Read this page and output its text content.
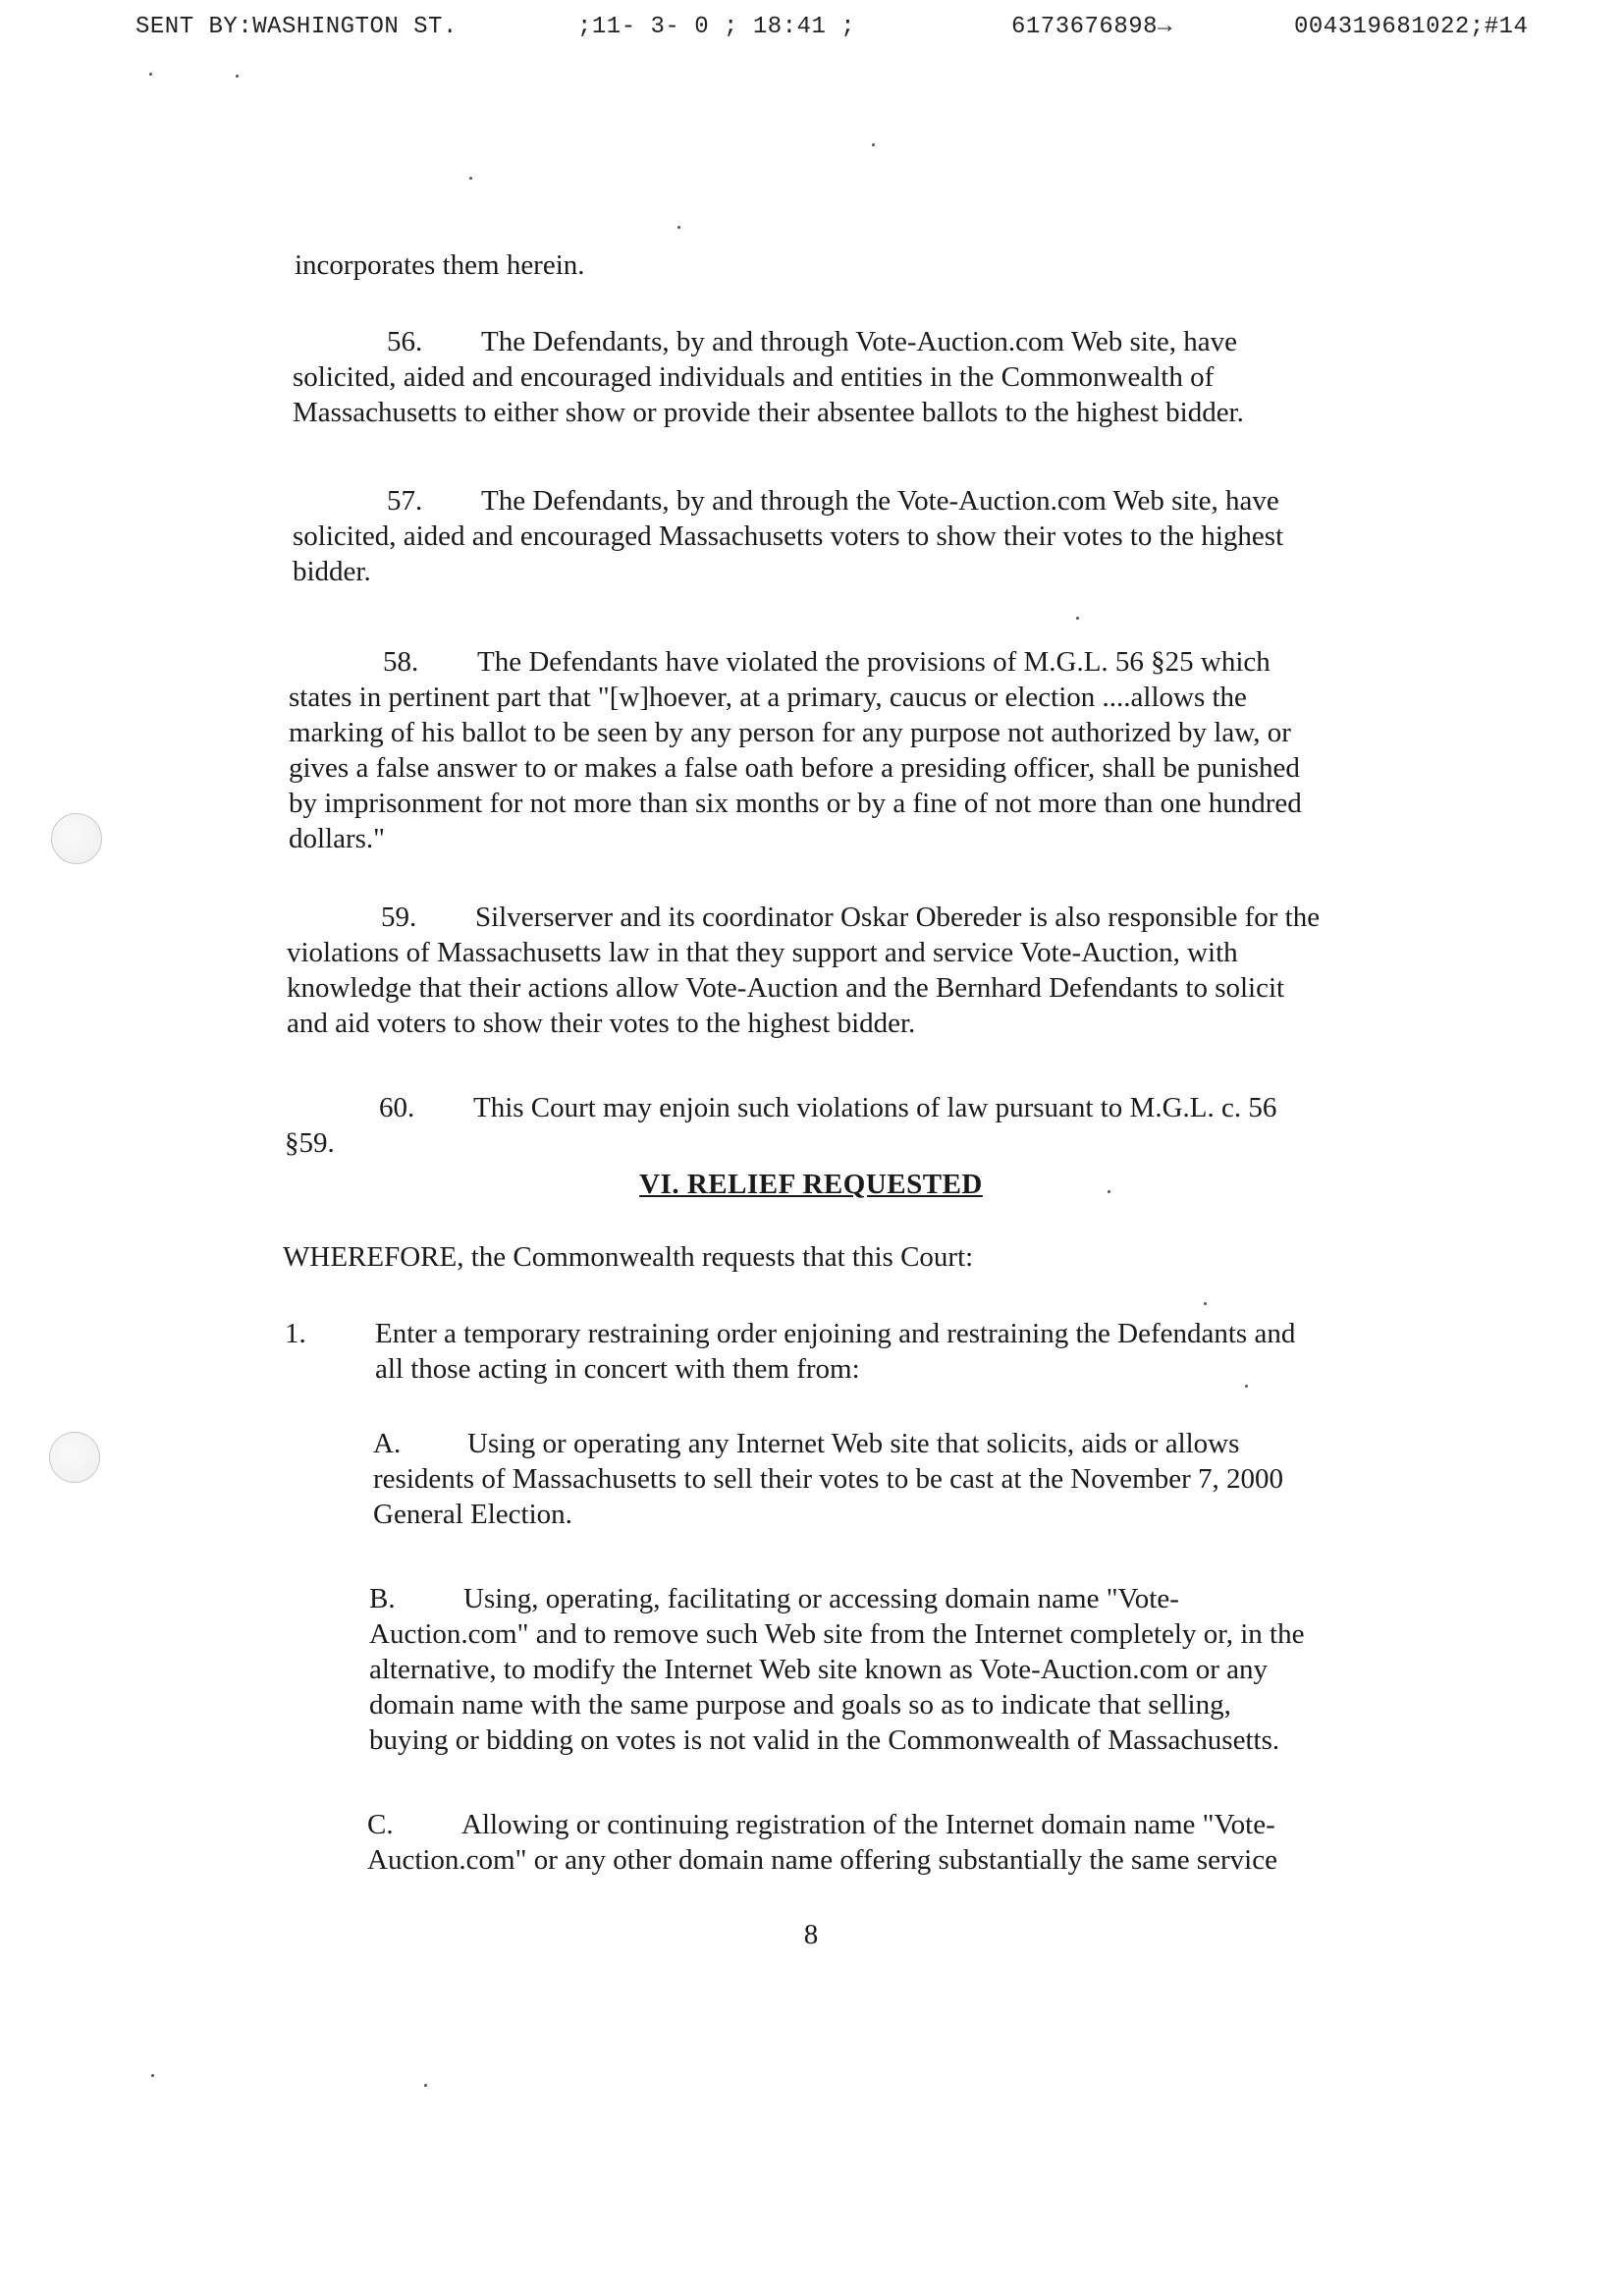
SENT BY:WASHINGTON ST.	;11- 3- 0 ; 18:41 ;	6173676898→	004319681022;#14
incorporates them herein.
56. The Defendants, by and through Vote-Auction.com Web site, have
solicited, aided and encouraged individuals and entities in the Commonwealth of
Massachusetts to either show or provide their absentee ballots to the highest bidder.
57. The Defendants, by and through the Vote-Auction.com Web site, have
solicited, aided and encouraged Massachusetts voters to show their votes to the highest
bidder.
58. The Defendants have violated the provisions of M.G.L. 56 §25 which
states in pertinent part that "[w]hoever, at a primary, caucus or election ....allows the
marking of his ballot to be seen by any person for any purpose not authorized by law, or
gives a false answer to or makes a false oath before a presiding officer, shall be punished
by imprisonment for not more than six months or by a fine of not more than one hundred
dollars."
59. Silverserver and its coordinator Oskar Obereder is also responsible for the
violations of Massachusetts law in that they support and service Vote-Auction, with
knowledge that their actions allow Vote-Auction and the Bernhard Defendants to solicit
and aid voters to show their votes to the highest bidder.
60. This Court may enjoin such violations of law pursuant to M.G.L. c. 56
§59.
VI. RELIEF REQUESTED
WHEREFORE, the Commonwealth requests that this Court:
1. Enter a temporary restraining order enjoining and restraining the Defendants and
all those acting in concert with them from:
A. Using or operating any Internet Web site that solicits, aids or allows
residents of Massachusetts to sell their votes to be cast at the November 7, 2000
General Election.
B. Using, operating, facilitating or accessing domain name "Vote-
Auction.com" and to remove such Web site from the Internet completely or, in the
alternative, to modify the Internet Web site known as Vote-Auction.com or any
domain name with the same purpose and goals so as to indicate that selling,
buying or bidding on votes is not valid in the Commonwealth of Massachusetts.
C. Allowing or continuing registration of the Internet domain name "Vote-
Auction.com" or any other domain name offering substantially the same service
8
